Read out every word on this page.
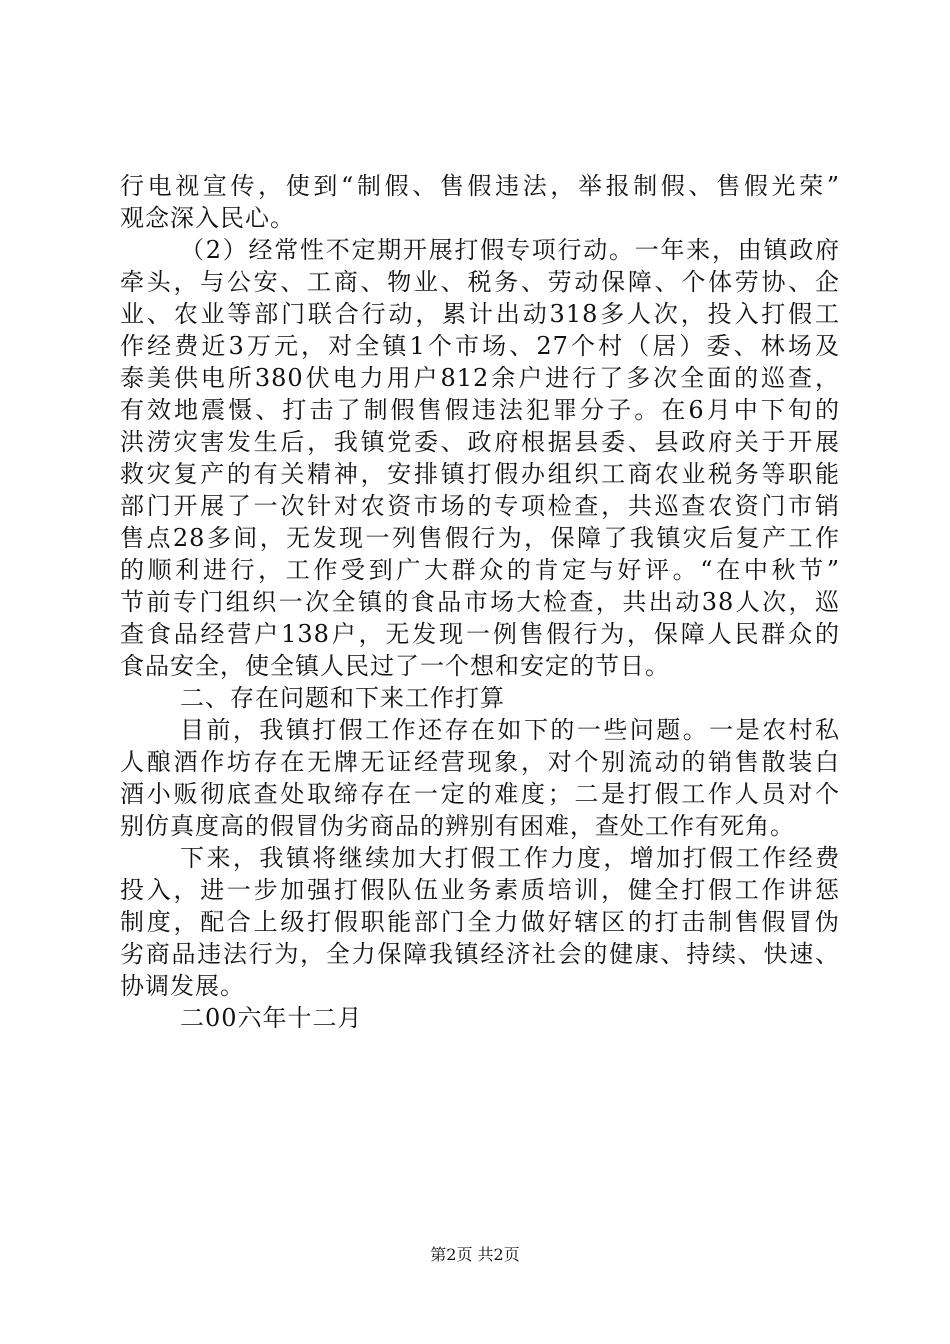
行电视宣传，使到“制假、售假违法，举报制假、售假光荣”
观念深入民心。
（2）经常性不定期开展打假专项行动。一年来，由镇政府
牵头，与公安、工商、物业、税务、劳动保障、个体劳协、企
业、农业等部门联合行动，累计出动318多人次，投入打假工
作经费近3万元，对全镇1个市场、27个村（居）委、林场及
泰美供电所380伏电力用户812余户进行了多次全面的巡查，
有效地震慑、打击了制假售假违法犯罪分子。在6月中下旬的
洪涝灾害发生后，我镇党委、政府根据县委、县政府关于开展
救灾复产的有关精神，安排镇打假办组织工商农业税务等职能
部门开展了一次针对农资市场的专项检查，共巡查农资门市销
售点28多间，无发现一列售假行为，保障了我镇灾后复产工作
的顺利进行，工作受到广大群众的肯定与好评。“在中秋节”
节前专门组织一次全镇的食品市场大检查，共出动38人次，巡
查食品经营户138户，无发现一例售假行为，保障人民群众的
食品安全，使全镇人民过了一个想和安定的节日。
二、存在问题和下来工作打算
目前，我镇打假工作还存在如下的一些问题。一是农村私
人酿酒作坊存在无牌无证经营现象，对个别流动的销售散装白
酒小贩彻底查处取缔存在一定的难度；二是打假工作人员对个
别仿真度高的假冒伪劣商品的辨别有困难，查处工作有死角。
下来，我镇将继续加大打假工作力度，增加打假工作经费
投入，进一步加强打假队伍业务素质培训，健全打假工作讲惩
制度，配合上级打假职能部门全力做好辖区的打击制售假冒伪
劣商品违法行为，全力保障我镇经济社会的健康、持续、快速、
协调发展。
二00六年十二月
第2页 共2页
